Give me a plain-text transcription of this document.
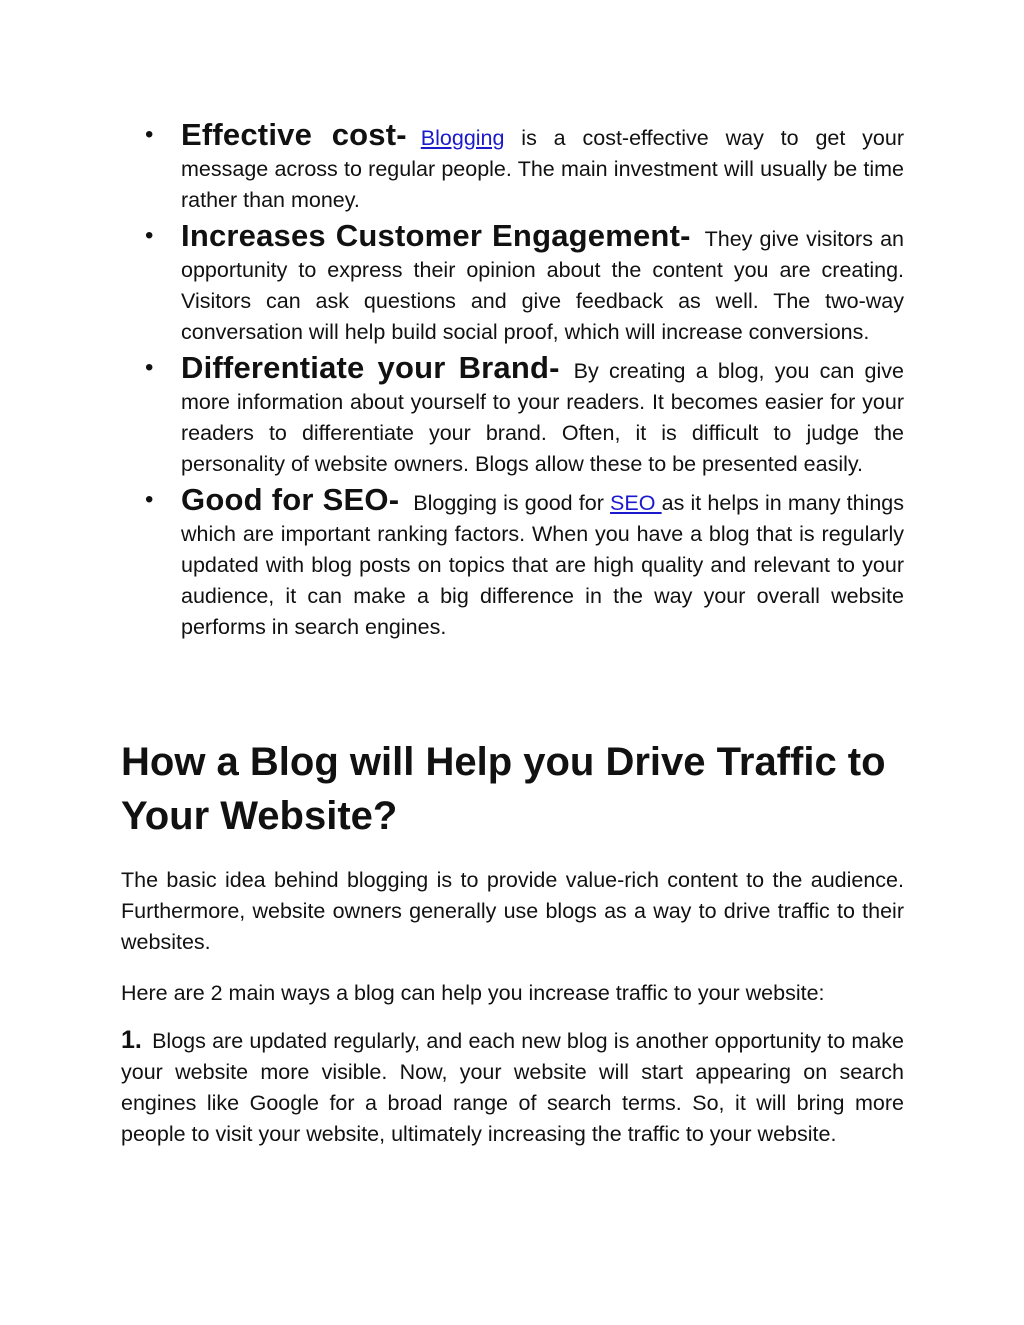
• Effective cost- Blogging is a cost-effective way to get your message across to regular people. The main investment will usually be time rather than money.
• Increases Customer Engagement- They give visitors an opportunity to express their opinion about the content you are creating. Visitors can ask questions and give feedback as well. The two-way conversation will help build social proof, which will increase conversions.
• Differentiate your Brand- By creating a blog, you can give more information about yourself to your readers. It becomes easier for your readers to differentiate your brand. Often, it is difficult to judge the personality of website owners. Blogs allow these to be presented easily.
• Good for SEO- Blogging is good for SEO as it helps in many things which are important ranking factors. When you have a blog that is regularly updated with blog posts on topics that are high quality and relevant to your audience, it can make a big difference in the way your overall website performs in search engines.
How a Blog will Help you Drive Traffic to Your Website?

The basic idea behind blogging is to provide value-rich content to the audience. Furthermore, website owners generally use blogs as a way to drive traffic to their websites.

Here are 2 main ways a blog can help you increase traffic to your website:

1. Blogs are updated regularly, and each new blog is another opportunity to make your website more visible. Now, your website will start appearing on search engines like Google for a broad range of search terms. So, it will bring more people to visit your website, ultimately increasing the traffic to your website.
